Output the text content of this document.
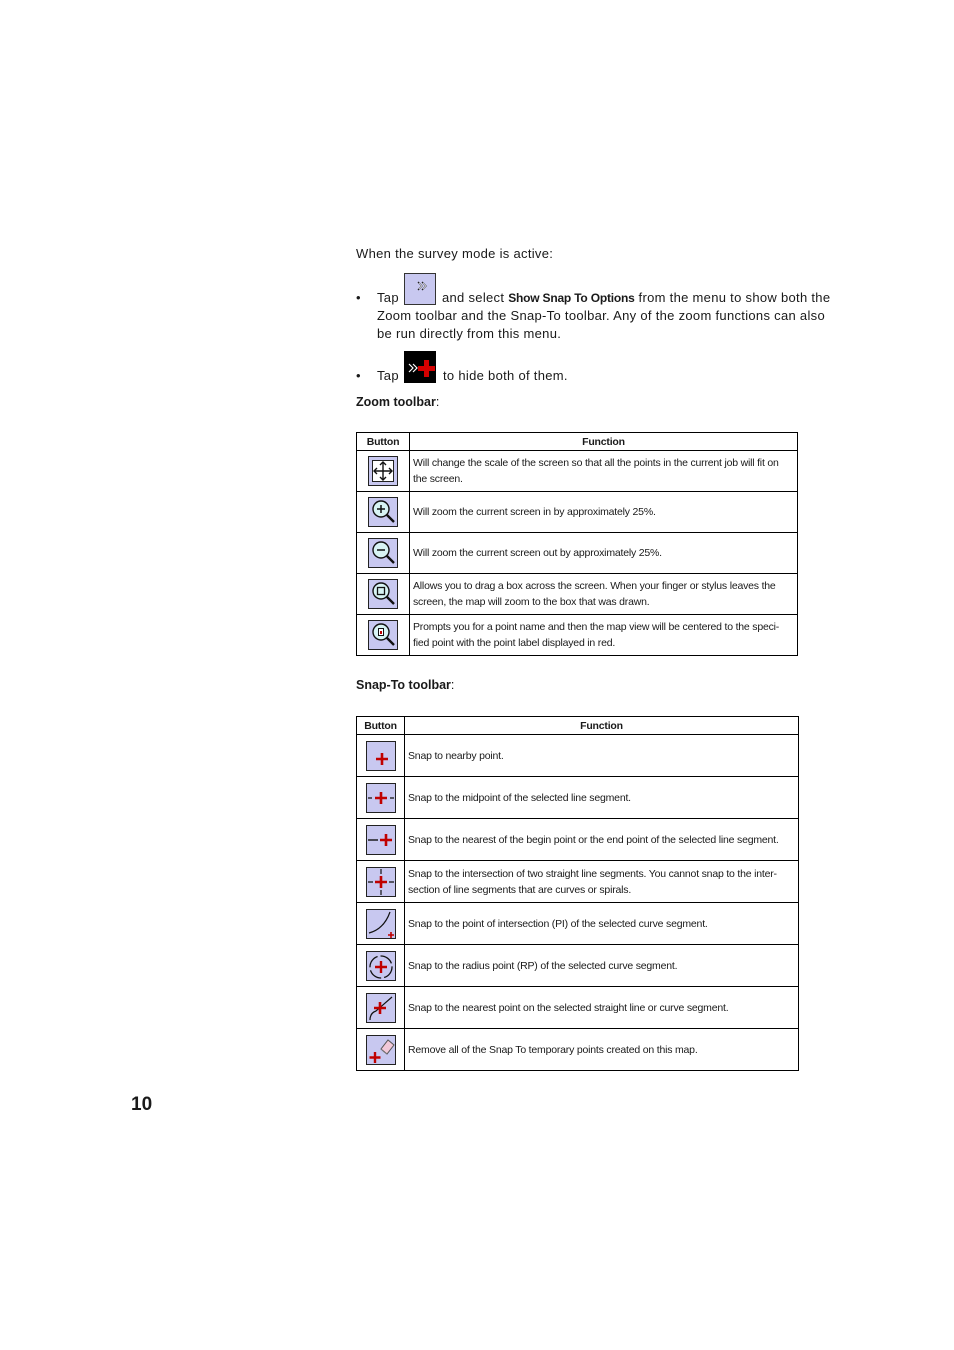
When the survey mode is active:
• Tap	and select Show Snap To Options from the menu to show both the
Zoom toolbar and the Snap-To toolbar. Any of the zoom functions can also be run directly from this menu.
• Tap	to hide both of them.
Zoom toolbar:
Button	Function

	Will change the scale of the screen so that all the points in the current job will fit on the screen.

	Will zoom the current screen in by approximately 25%.

	Will zoom the current screen out by approximately 25%.

	Allows you to drag a box across the screen. When your finger or stylus leaves the screen, the map will zoom to the box that was drawn.

	Prompts you for a point name and then the map view will be centered to the speci-fied point with the point label displayed in red.
Snap-To toolbar:
Button	Function

	Snap to nearby point.

	Snap to the midpoint of the selected line segment.

	Snap to the nearest of the begin point or the end point of the selected line segment.

	Snap to the intersection of two straight line segments. You cannot snap to the inter-section of line segments that are curves or spirals.

	Snap to the point of intersection (PI) of the selected curve segment.

	Snap to the radius point (RP) of the selected curve segment.

	Snap to the nearest point on the selected straight line or curve segment.

	Remove all of the Snap To temporary points created on this map.
10
